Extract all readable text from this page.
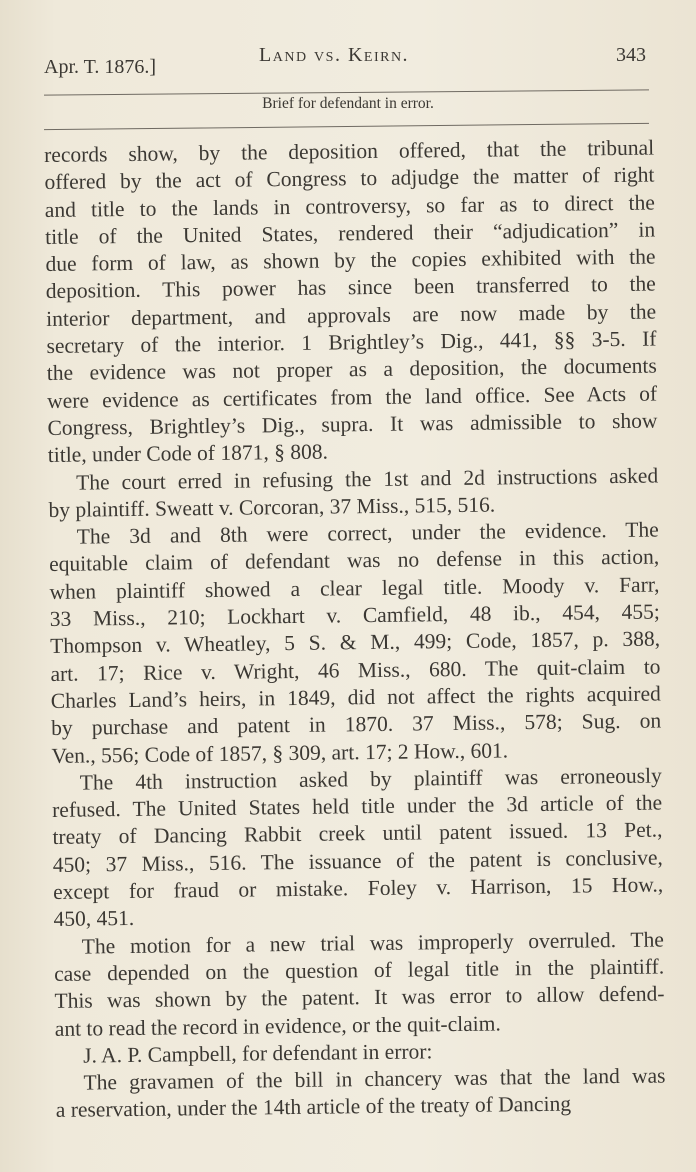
Apr. T. 1876.]
Land vs. Keirn.	343
Brief for defendant in error.
records show, by the deposition offered, that the tribunal
offered by the act of Congress to adjudge the matter of right
and title to the lands in controversy, so far as to direct the
title of the United States, rendered their “adjudication” in
due form of law, as shown by the copies exhibited with the
deposition. This power has since been transferred to the
interior department, and approvals are now made by the
secretary of the interior. 1 Brightley’s Dig., 441, §§ 3-5. If
the evidence was not proper as a deposition, the documents
were evidence as certificates from the land office. See Acts of
Congress, Brightley’s Dig., supra. It was admissible to show
title, under Code of 1871, § 808.
The court erred in refusing the 1st and 2d instructions asked
by plaintiff. Sweatt v. Corcoran, 37 Miss., 515, 516.
The 3d and 8th were correct, under the evidence. The
equitable claim of defendant was no defense in this action,
when plaintiff showed a clear legal title. Moody v. Farr,
33 Miss., 210; Lockhart v. Camfield, 48 ib., 454, 455;
Thompson v. Wheatley, 5 S. & M., 499; Code, 1857, p. 388,
art. 17; Rice v. Wright, 46 Miss., 680. The quit-claim to
Charles Land’s heirs, in 1849, did not affect the rights acquired
by purchase and patent in 1870. 37 Miss., 578; Sug. on
Ven., 556; Code of 1857, § 309, art. 17; 2 How., 601.
The 4th instruction asked by plaintiff was erroneously
refused. The United States held title under the 3d article of the
treaty of Dancing Rabbit creek until patent issued. 13 Pet.,
450; 37 Miss., 516. The issuance of the patent is conclusive,
except for fraud or mistake. Foley v. Harrison, 15 How.,
450, 451.
The motion for a new trial was improperly overruled. The
case depended on the question of legal title in the plaintiff.
This was shown by the patent. It was error to allow defend-
ant to read the record in evidence, or the quit-claim.
J. A. P. Campbell, for defendant in error:
The gravamen of the bill in chancery was that the land was
a reservation, under the 14th article of the treaty of Dancing
